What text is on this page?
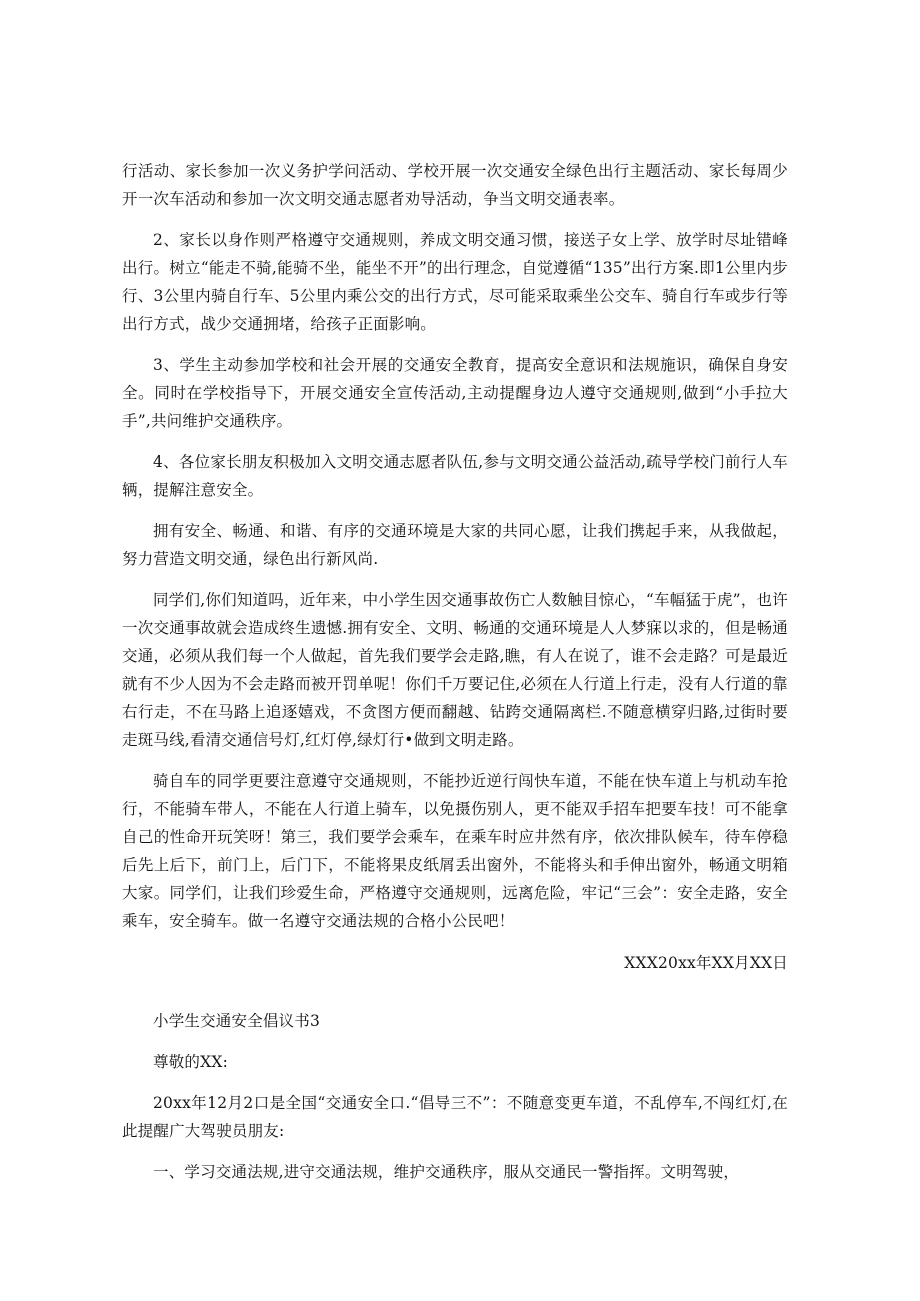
行活动、家长参加一次义务护学问活动、学校开展一次交通安全绿色出行主题活动、家长每周少开一次车活动和参加一次文明交通志愿者劝导活动，争当文明交通表率。

2、家长以身作则严格遵守交通规则，养成文明交通习惯，接送子女上学、放学时尽址错峰出行。树立“能走不骑,能骑不坐，能坐不开”的出行理念，自觉遵循“135”出行方案.即1公里内步行、3公里内骑自行车、5公里内乘公交的出行方式，尽可能采取乘坐公交车、骑自行车或步行等出行方式，战少交通拥堵，给孩子正面影响。

3、学生主动参加学校和社会开展的交通安全教育，提高安全意识和法规施识，确保自身安全。同时在学校指导下，开展交通安全宣传活动,主动提醒身边人遵守交通规则,做到“小手拉大手”,共问维护交通秩序。

4、各位家长朋友积极加入文明交通志愿者队伍,参与文明交通公益活动,疏导学校门前行人车辆，提解注意安全。

拥有安全、畅通、和谐、有序的交通环境是大家的共同心愿，让我们携起手来，从我做起，努力营造文明交通，绿色出行新风尚.

同学们,你们知道吗，近年来，中小学生因交通事故伤亡人数触目惊心，“车幅猛于虎”，也许一次交通事故就会造成终生遗憾.拥有安全、文明、畅通的交通环境是人人梦寐以求的，但是畅通交通，必须从我们每一个人做起，首先我们要学会走路,瞧，有人在说了，谁不会走路？可是最近就有不少人因为不会走路而被开罚单呢！你们千万要记住,必须在人行道上行走，没有人行道的靠右行走，不在马路上追逐嬉戏，不贪图方便而翻越、钻跨交通隔离栏.不随意横穿归路,过街时要走斑马线,看清交通信号灯,红灯停,绿灯行•做到文明走路。

骑自车的同学更要注意遵守交通规则，不能抄近逆行闯快车道，不能在快车道上与机动车抢行，不能骑车带人，不能在人行道上骑车，以免摄伤别人，更不能双手招车把要车技！可不能拿自己的性命开玩笑呀！第三，我们要学会乘车，在乘车时应井然有序，依次排队候车，待车停稳后先上后下，前门上，后门下，不能将果皮纸屑丢出窗外，不能将头和手伸出窗外，畅通文明箱大家。同学们，让我们珍爱生命，严格遵守交通规则，远离危险，牢记“三会”：安全走路，安全乘车，安全骑车。做一名遵守交通法规的合格小公民吧！

XXX20xx年XX月XX日

小学生交通安全倡议书3

尊敬的XX:

20xx年12月2口是全国“交通安全口.“倡导三不”：不随意变更车道，不乱停车,不闯红灯,在此提醒广大驾驶员朋友:

一、学习交通法规,进守交通法规，维护交通秩序，服从交通民一警指挥。文明驾驶，
